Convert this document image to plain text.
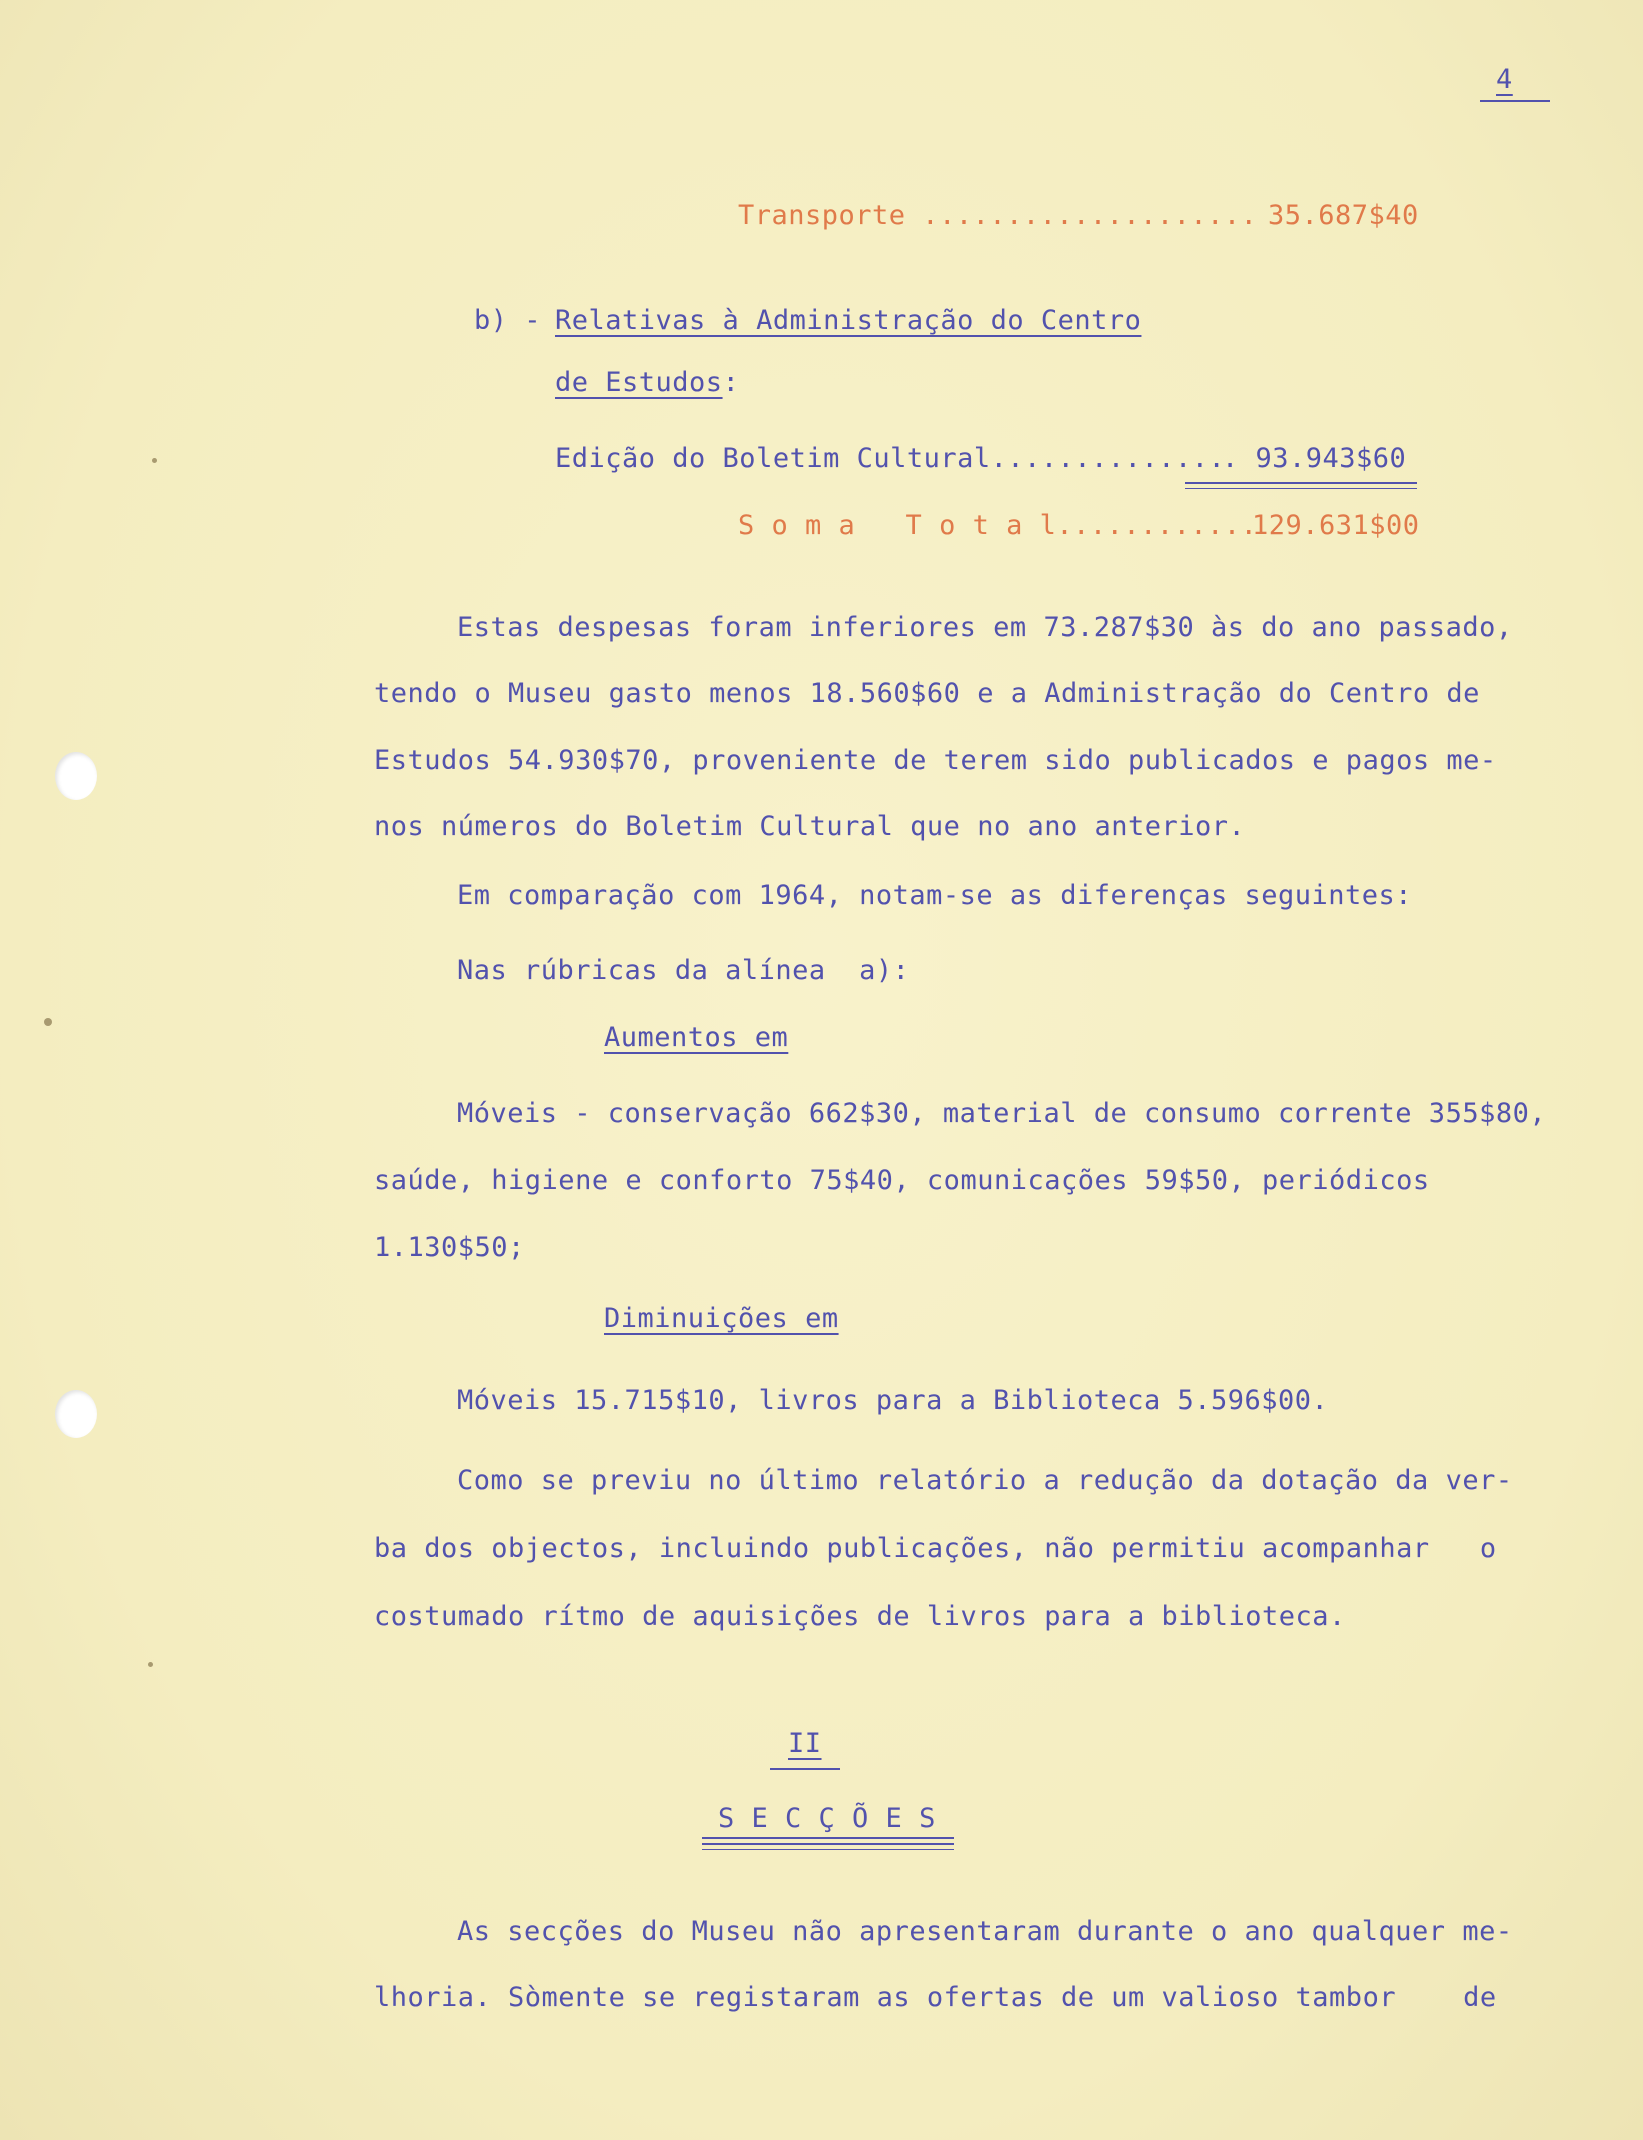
4
Transporte .................... 35.687$40
b) - Relativas à Administração do Centro
de Estudos:
Edição do Boletim Cultural..............
. 93.943$60
S o m a   T o t a l............
129.631$00
Estas despesas foram inferiores em 73.287$30 às do ano passado,
tendo o Museu gasto menos 18.560$60 e a Administração do Centro de
Estudos 54.930$70, proveniente de terem sido publicados e pagos me-
nos números do Boletim Cultural que no ano anterior.
Em comparação com 1964, notam-se as diferenças seguintes:
Nas rúbricas da alínea  a):
Aumentos em
Móveis - conservação 662$30, material de consumo corrente 355$80,
saúde, higiene e conforto 75$40, comunicações 59$50, periódicos
1.130$50;
Diminuições em
Móveis 15.715$10, livros para a Biblioteca 5.596$00.
Como se previu no último relatório a redução da dotação da ver-
ba dos objectos, incluindo publicações, não permitiu acompanhar   o
costumado rítmo de aquisições de livros para a biblioteca.
II
S E C Ç Õ E S
As secções do Museu não apresentaram durante o ano qualquer me-
lhoria. Sòmente se registaram as ofertas de um valioso tambor    de
